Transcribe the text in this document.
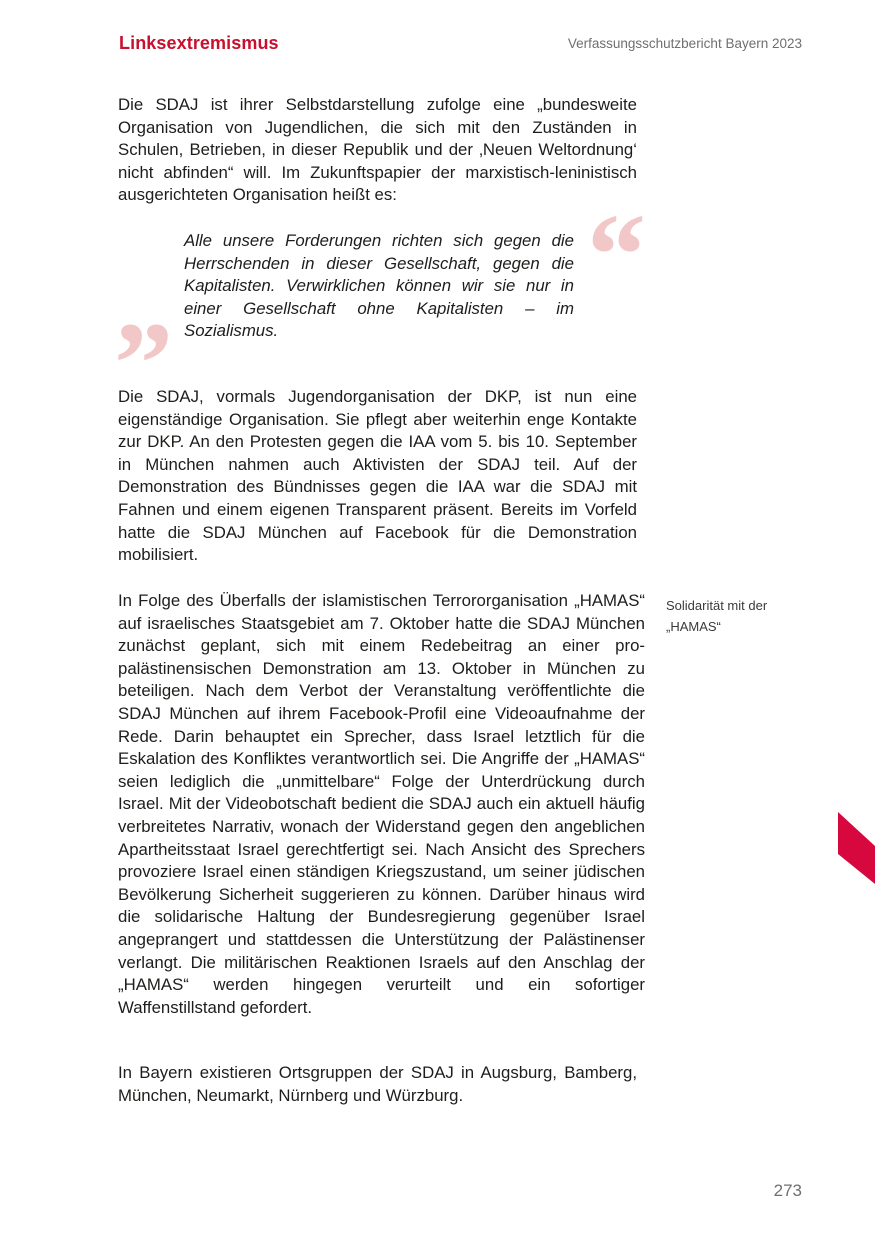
Linksextremismus	Verfassungsschutzbericht Bayern 2023

Die SDAJ ist ihrer Selbstdarstellung zufolge eine „bundesweite Organisation von Jugendlichen, die sich mit den Zuständen in Schulen, Betrieben, in dieser Republik und der ‚Neuen Weltordnung‘ nicht abfinden“ will. Im Zukunftspapier der marxistisch-leninistisch ausgerichteten Organisation heißt es:	“
Alle unsere Forderungen richten sich gegen die Herrschenden in dieser Gesellschaft, gegen die Kapitalisten. Verwirklichen können wir sie nur in einer Gesellschaft ohne Kapitalisten – im Sozialismus.
”

Die SDAJ, vormals Jugendorganisation der DKP, ist nun eine eigenständige Organisation. Sie pflegt aber weiterhin enge Kontakte zur DKP. An den Protesten gegen die IAA vom 5. bis 10. September in München nahmen auch Aktivisten der SDAJ teil. Auf der Demonstration des Bündnisses gegen die IAA war die SDAJ mit Fahnen und einem eigenen Transparent präsent. Bereits im Vorfeld hatte die SDAJ München auf Facebook für die Demonstration mobilisiert.

In Folge des Überfalls der islamistischen Terrororganisation „HAMAS“ auf israelisches Staatsgebiet am 7. Oktober hatte die SDAJ München zunächst geplant, sich mit einem Redebeitrag an einer pro-palästinensischen Demonstration am 13. Oktober in München zu beteiligen. Nach dem Verbot der Veranstaltung veröffentlichte die SDAJ München auf ihrem Facebook-Profil eine Videoaufnahme der Rede. Darin behauptet ein Sprecher, dass Israel letztlich für die Eskalation des Konfliktes verantwortlich sei. Die Angriffe der „HAMAS“ seien lediglich die „unmittelbare“ Folge der Unterdrückung durch Israel. Mit der Videobotschaft bedient die SDAJ auch ein aktuell häufig verbreitetes Narrativ, wonach der Widerstand gegen den angeblichen Apartheitsstaat Israel gerechtfertigt sei. Nach Ansicht des Sprechers provoziere Israel einen ständigen Kriegszustand, um seiner jüdischen Bevölkerung Sicherheit suggerieren zu können. Darüber hinaus wird die solidarische Haltung der Bundesregierung gegenüber Israel angeprangert und stattdessen die Unterstützung der Palästinenser verlangt. Die militärischen Reaktionen Israels auf den Anschlag der „HAMAS“ werden hingegen verurteilt und ein sofortiger Waffenstillstand gefordert.

Solidarität mit der „HAMAS“

In Bayern existieren Ortsgruppen der SDAJ in Augsburg, Bamberg, München, Neumarkt, Nürnberg und Würzburg.

273
